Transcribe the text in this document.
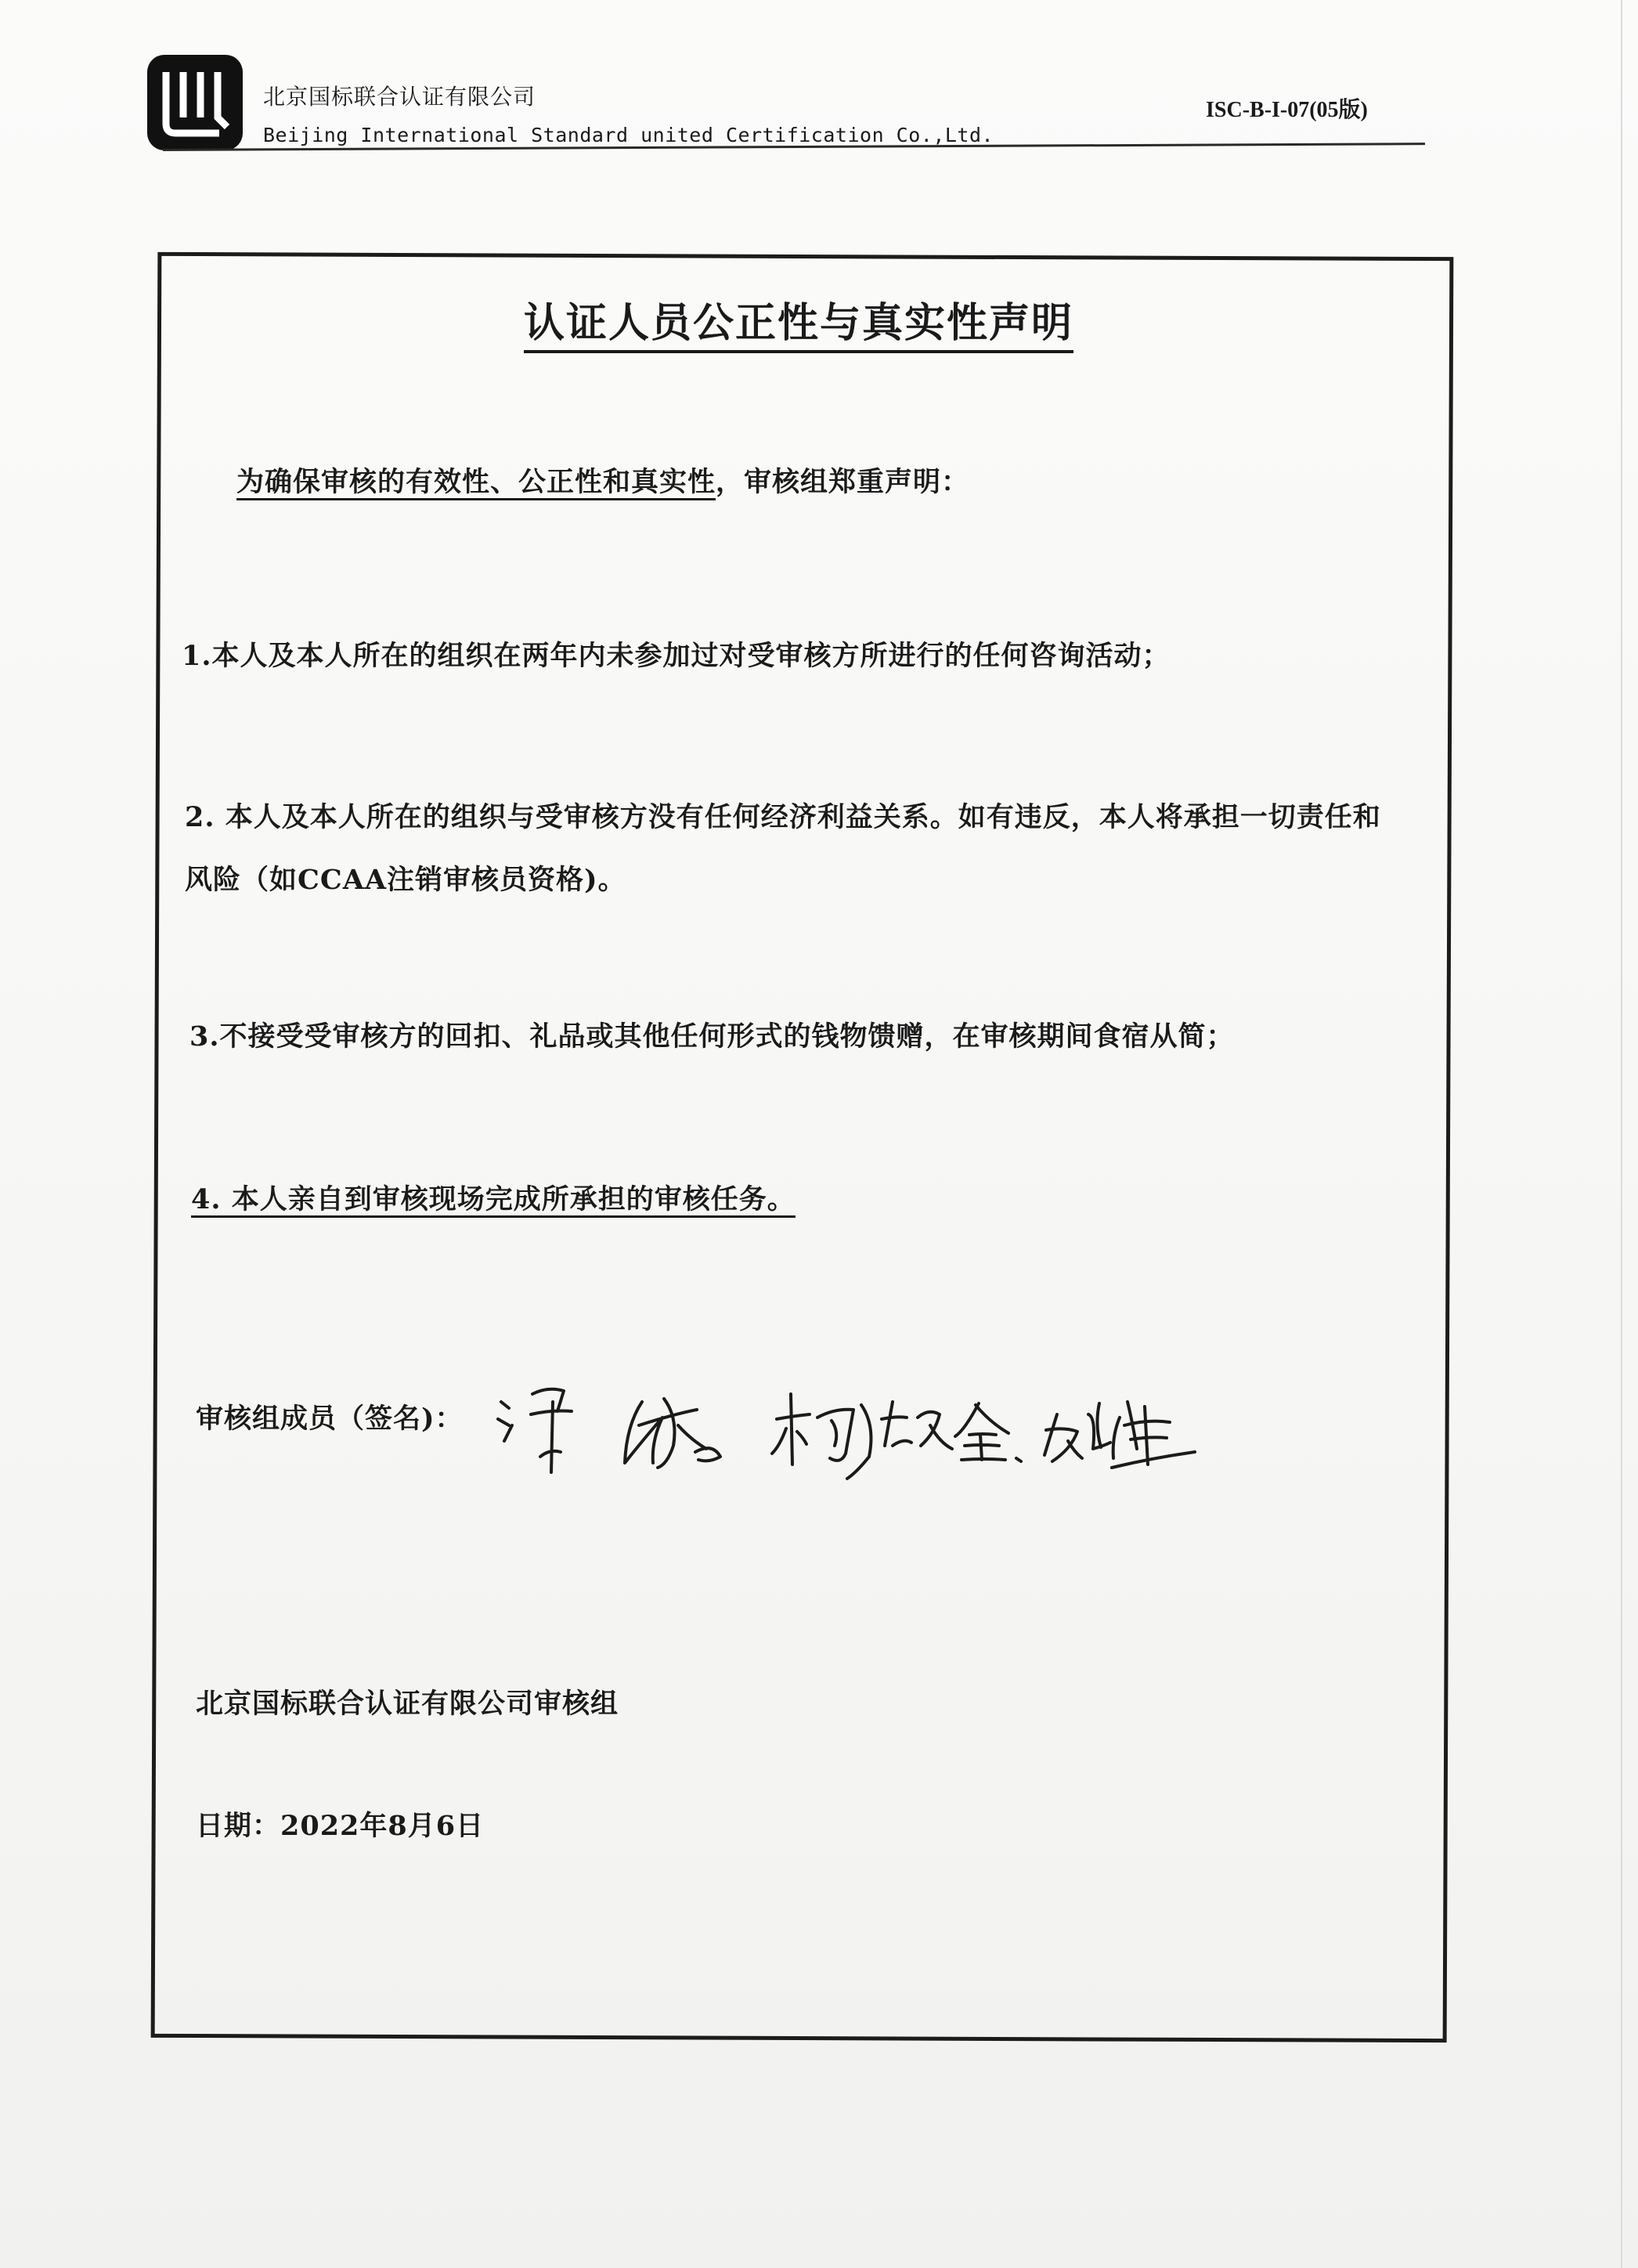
北京国标联合认证有限公司
Beijing International Standard united Certification Co.,Ltd.
ISC-B-I-07(05版)
认证人员公正性与真实性声明
为确保审核的有效性、公正性和真实性，审核组郑重声明：
1.本人及本人所在的组织在两年内未参加过对受审核方所进行的任何咨询活动；
2. 本人及本人所在的组织与受审核方没有任何经济利益关系。如有违反，本人将承担一切责任和
风险（如CCAA注销审核员资格)。
3.不接受受审核方的回扣、礼品或其他任何形式的钱物馈赠，在审核期间食宿从简；
4. 本人亲自到审核现场完成所承担的审核任务。
审核组成员（签名)：
北京国标联合认证有限公司审核组
日期：2022年8月6日
